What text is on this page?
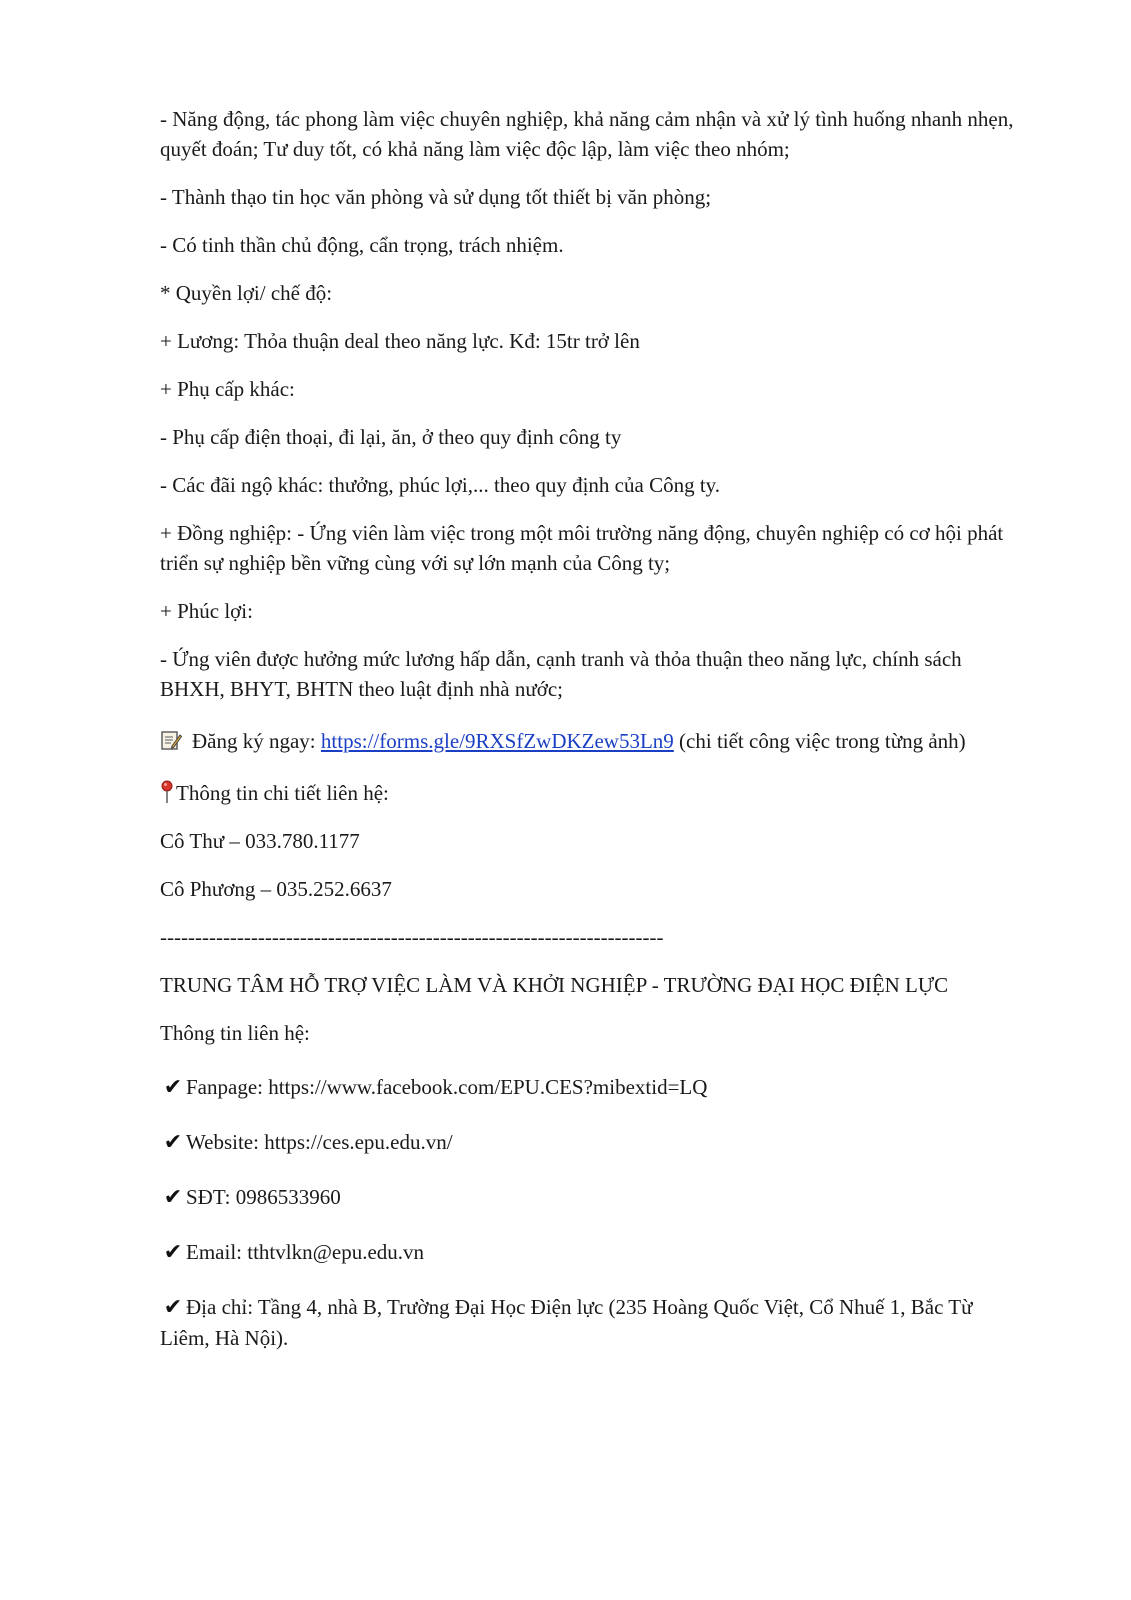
- Năng động, tác phong làm việc chuyên nghiệp, khả năng cảm nhận và xử lý tình huống nhanh nhẹn, quyết đoán; Tư duy tốt, có khả năng làm việc độc lập, làm việc theo nhóm;

- Thành thạo tin học văn phòng và sử dụng tốt thiết bị văn phòng;

- Có tinh thần chủ động, cẩn trọng, trách nhiệm.

* Quyền lợi/ chế độ:

+ Lương: Thỏa thuận deal theo năng lực. Kđ: 15tr trở lên

+ Phụ cấp khác:

- Phụ cấp điện thoại, đi lại, ăn, ở theo quy định công ty

- Các đãi ngộ khác: thưởng, phúc lợi,... theo quy định của Công ty.

+ Đồng nghiệp: - Ứng viên làm việc trong một môi trường năng động, chuyên nghiệp có cơ hội phát triển sự nghiệp bền vững cùng với sự lớn mạnh của Công ty;

+ Phúc lợi:

- Ứng viên được hưởng mức lương hấp dẫn, cạnh tranh và thỏa thuận theo năng lực, chính sách BHXH, BHYT, BHTN theo luật định nhà nước;

Đăng ký ngay: https://forms.gle/9RXSfZwDKZew53Ln9 (chi tiết công việc trong từng ảnh)

Thông tin chi tiết liên hệ:

Cô Thư – 033.780.1177

Cô Phương – 035.252.6637

------------------------------------------------------------------------

TRUNG TÂM HỖ TRỢ VIỆC LÀM VÀ KHỞI NGHIỆP - TRƯỜNG ĐẠI HỌC ĐIỆN LỰC

Thông tin liên hệ:

✔ Fanpage: https://www.facebook.com/EPU.CES?mibextid=LQ

✔ Website: https://ces.epu.edu.vn/

✔ SĐT: 0986533960

✔ Email: tthtvlkn@epu.edu.vn

✔ Địa chỉ: Tầng 4, nhà B, Trường Đại Học Điện lực (235 Hoàng Quốc Việt, Cổ Nhuế 1, Bắc Từ Liêm, Hà Nội).
